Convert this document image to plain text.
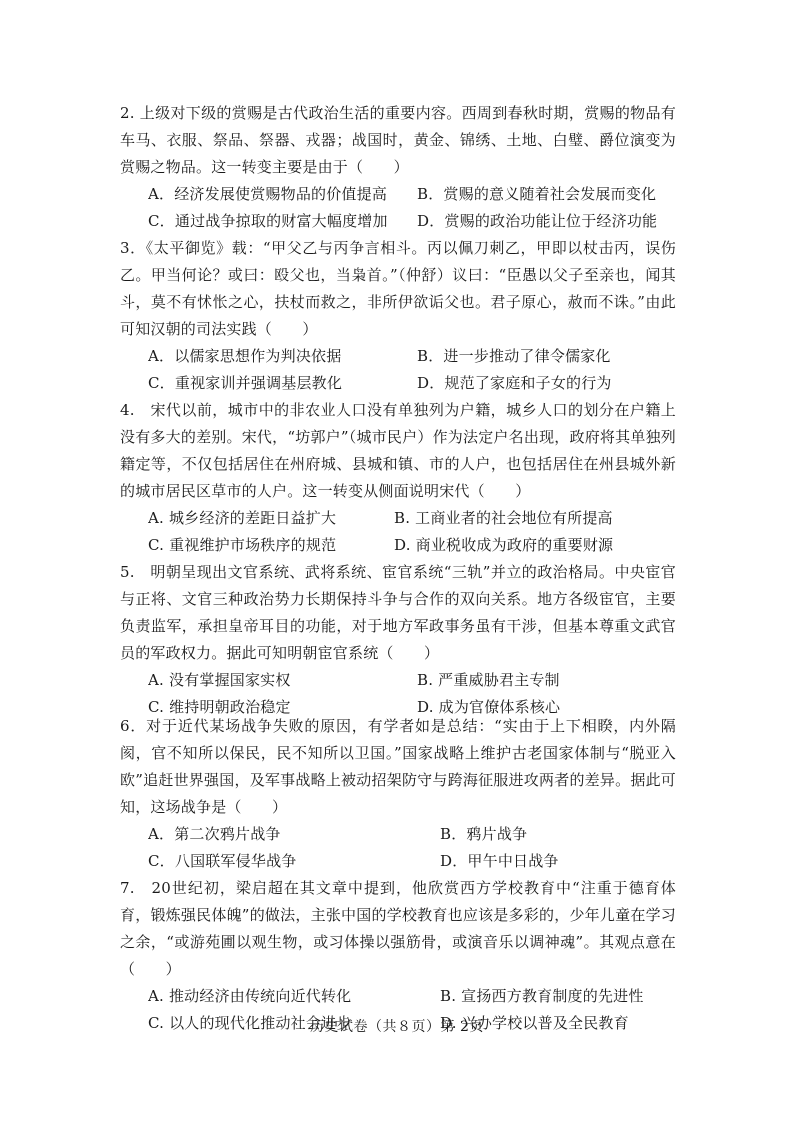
2. 上级对下级的赏赐是古代政治生活的重要内容。西周到春秋时期，赏赐的物品有车马、衣服、祭品、祭器、戎器；战国时，黄金、锦绣、土地、白璧、爵位演变为赏赐之物品。这一转变主要是由于（　　）
A．经济发展使赏赐物品的价值提高	B．赏赐的意义随着社会发展而变化
C．通过战争掠取的财富大幅度增加	D．赏赐的政治功能让位于经济功能
3．《太平御览》载：“甲父乙与丙争言相斗。丙以佩刀刺乙，甲即以杖击丙，误伤乙。甲当何论？或曰：殴父也，当枭首。”（仲舒）议曰：“臣愚以父子至亲也，闻其斗，莫不有怵怅之心，扶杖而救之，非所伊欲诟父也。君子原心，赦而不诛。”由此可知汉朝的司法实践（　　）
A．以儒家思想作为判决依据	B．进一步推动了律令儒家化
C．重视家训并强调基层教化	D．规范了家庭和子女的行为
4.　宋代以前，城市中的非农业人口没有单独列为户籍，城乡人口的划分在户籍上没有多大的差别。宋代，“坊郭户”（城市民户）作为法定户名出现，政府将其单独列籍定等，不仅包括居住在州府城、县城和镇、市的人户，也包括居住在州县城外新的城市居民区草市的人户。这一转变从侧面说明宋代（　　）
A. 城乡经济的差距日益扩大	B. 工商业者的社会地位有所提高
C. 重视维护市场秩序的规范	D. 商业税收成为政府的重要财源
5.　明朝呈现出文官系统、武将系统、宦官系统“三轨”并立的政治格局。中央宦官与正将、文官三种政治势力长期保持斗争与合作的双向关系。地方各级宦官，主要负责监军，承担皇帝耳目的功能，对于地方军政事务虽有干涉，但基本尊重文武官员的军政权力。据此可知明朝宦官系统（　　）
A. 没有掌握国家实权	B. 严重威胁君主专制
C. 维持明朝政治稳定	D. 成为官僚体系核心
6．对于近代某场战争失败的原因，有学者如是总结：“实由于上下相睽，内外隔阂，官不知所以保民，民不知所以卫国。”国家战略上维护古老国家体制与“脱亚入欧”追赶世界强国，及军事战略上被动招架防守与跨海征服进攻两者的差异。据此可知，这场战争是（　　）
A．第二次鸦片战争	B．鸦片战争
C．八国联军侵华战争	D．甲午中日战争
7.　20世纪初，梁启超在其文章中提到，他欣赏西方学校教育中“注重于德育体育，锻炼强民体魄”的做法，主张中国的学校教育也应该是多彩的，少年儿童在学习之余，“或游苑圃以观生物，或习体操以强筋骨，或演音乐以调神魂”。其观点意在（　　）
A. 推动经济由传统向近代转化	B. 宣扬西方教育制度的先进性
C. 以人的现代化推动社会进步	D. 兴办学校以普及全民教育
历史试卷（共８页）第 2页
